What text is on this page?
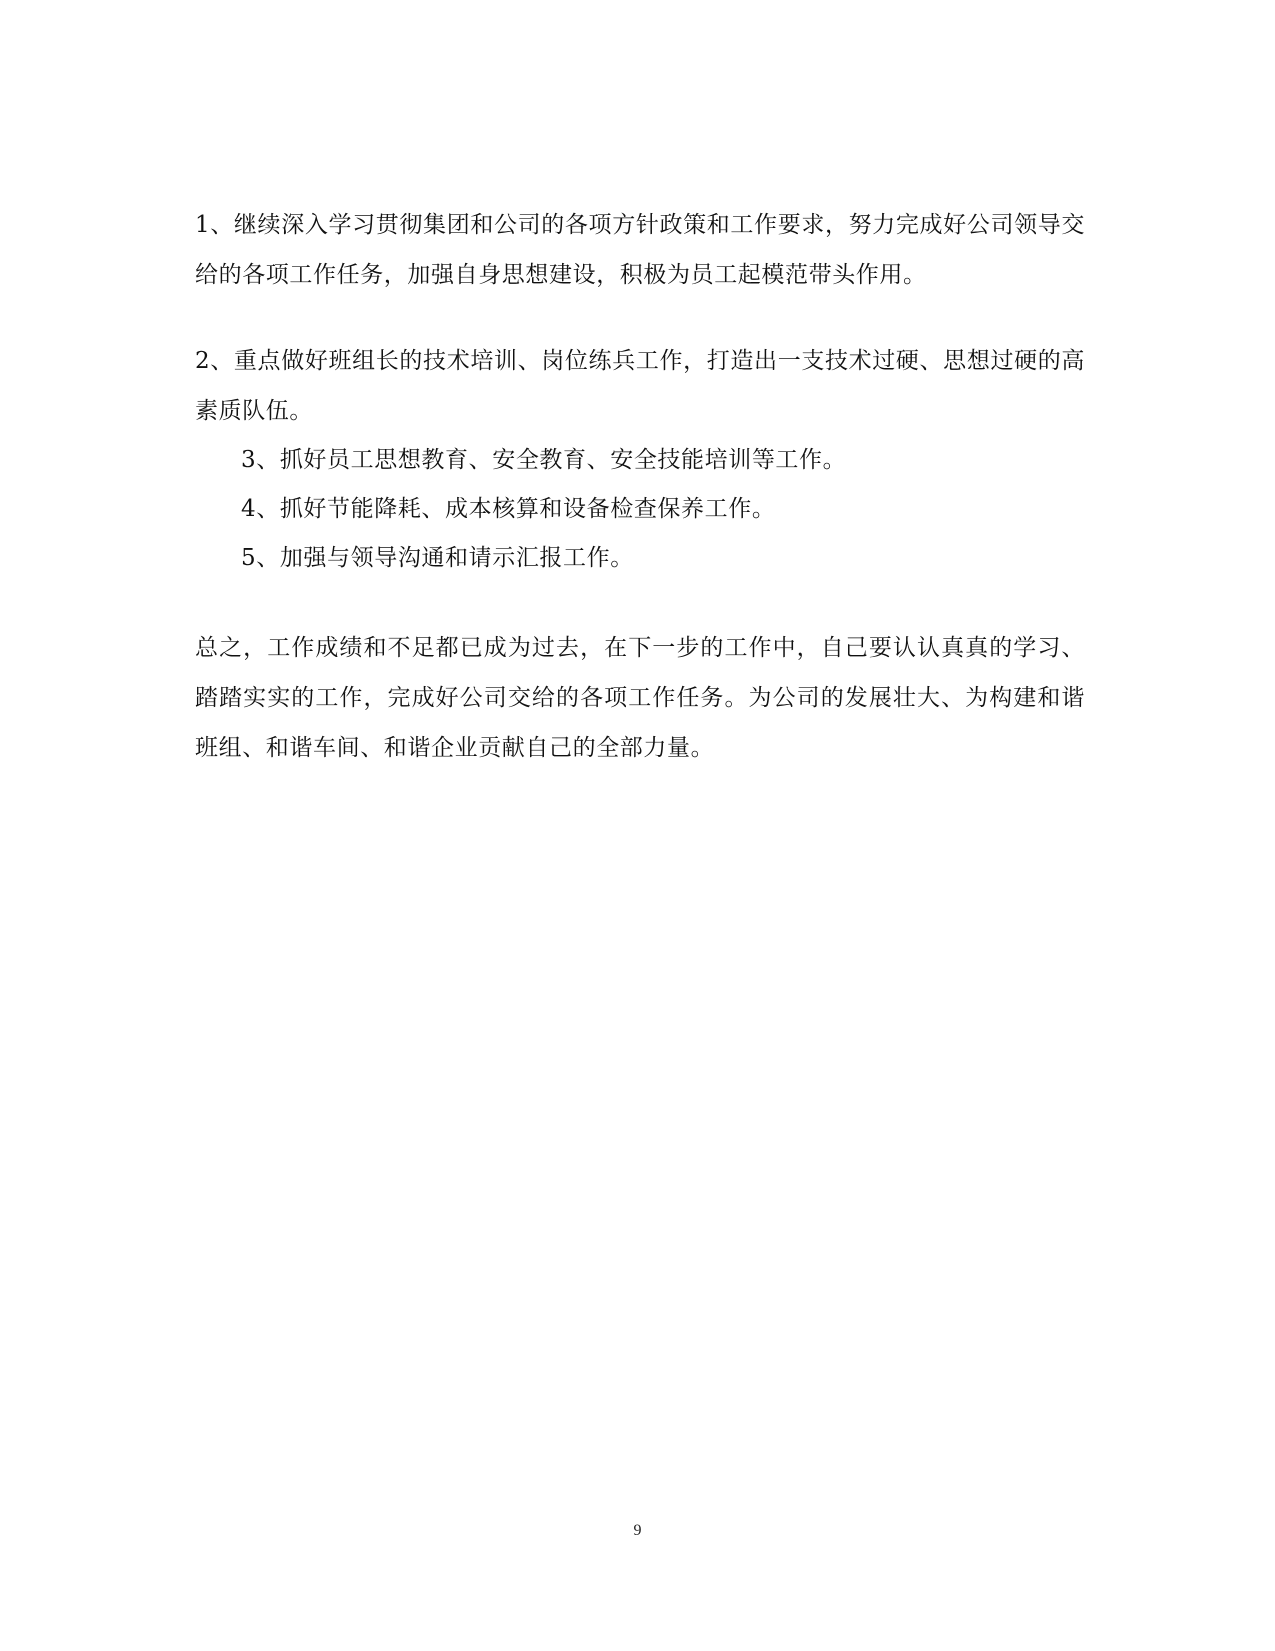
1、继续深入学习贯彻集团和公司的各项方针政策和工作要求，努力完成好公司领导交给的各项工作任务，加强自身思想建设，积极为员工起模范带头作用。

2、重点做好班组长的技术培训、岗位练兵工作，打造出一支技术过硬、思想过硬的高素质队伍。

3、抓好员工思想教育、安全教育、安全技能培训等工作。

4、抓好节能降耗、成本核算和设备检查保养工作。

5、加强与领导沟通和请示汇报工作。

总之，工作成绩和不足都已成为过去，在下一步的工作中，自己要认认真真的学习、踏踏实实的工作，完成好公司交给的各项工作任务。为公司的发展壮大、为构建和谐班组、和谐车间、和谐企业贡献自己的全部力量。

9
